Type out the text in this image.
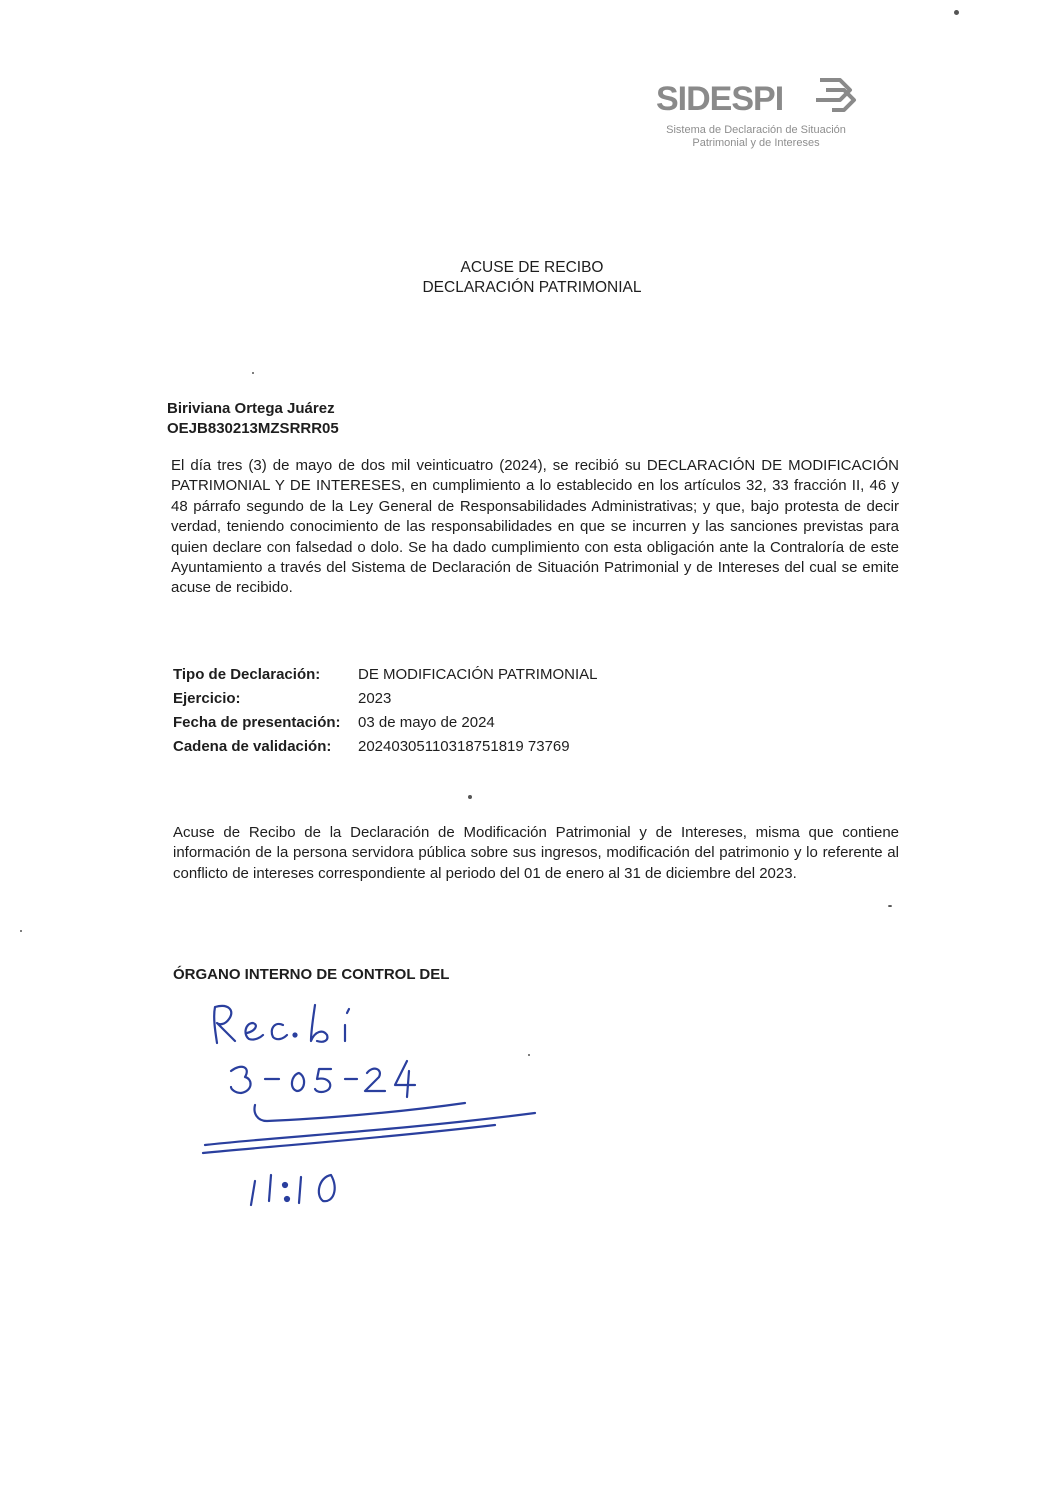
SIDESPI
Sistema de Declaración de Situación
Patrimonial y de Intereses
ACUSE DE RECIBO
DECLARACIÓN PATRIMONIAL
Biriviana Ortega Juárez
OEJB830213MZSRRR05
El día tres (3) de mayo de dos mil veinticuatro (2024), se recibió su DECLARACIÓN DE MODIFICACIÓN PATRIMONIAL Y DE INTERESES, en cumplimiento a lo establecido en los artículos 32, 33 fracción II, 46 y 48 párrafo segundo de la Ley General de Responsabilidades Administrativas; y que, bajo protesta de decir verdad, teniendo conocimiento de las responsabilidades en que se incurren y las sanciones previstas para quien declare con falsedad o dolo. Se ha dado cumplimiento con esta obligación ante la Contraloría de este Ayuntamiento a través del Sistema de Declaración de Situación Patrimonial y de Intereses del cual se emite acuse de recibido.
Tipo de Declaración:	DE MODIFICACIÓN PATRIMONIAL
Ejercicio:	2023
Fecha de presentación: 03 de mayo de 2024
Cadena de validación: 20240305110318751819 73769
Acuse de Recibo de la Declaración de Modificación Patrimonial y de Intereses, misma que contiene información de la persona servidora pública sobre sus ingresos, modificación del patrimonio y lo referente al conflicto de intereses correspondiente al periodo del 01 de enero al 31 de diciembre del 2023.
ÓRGANO INTERNO DE CONTROL DEL
